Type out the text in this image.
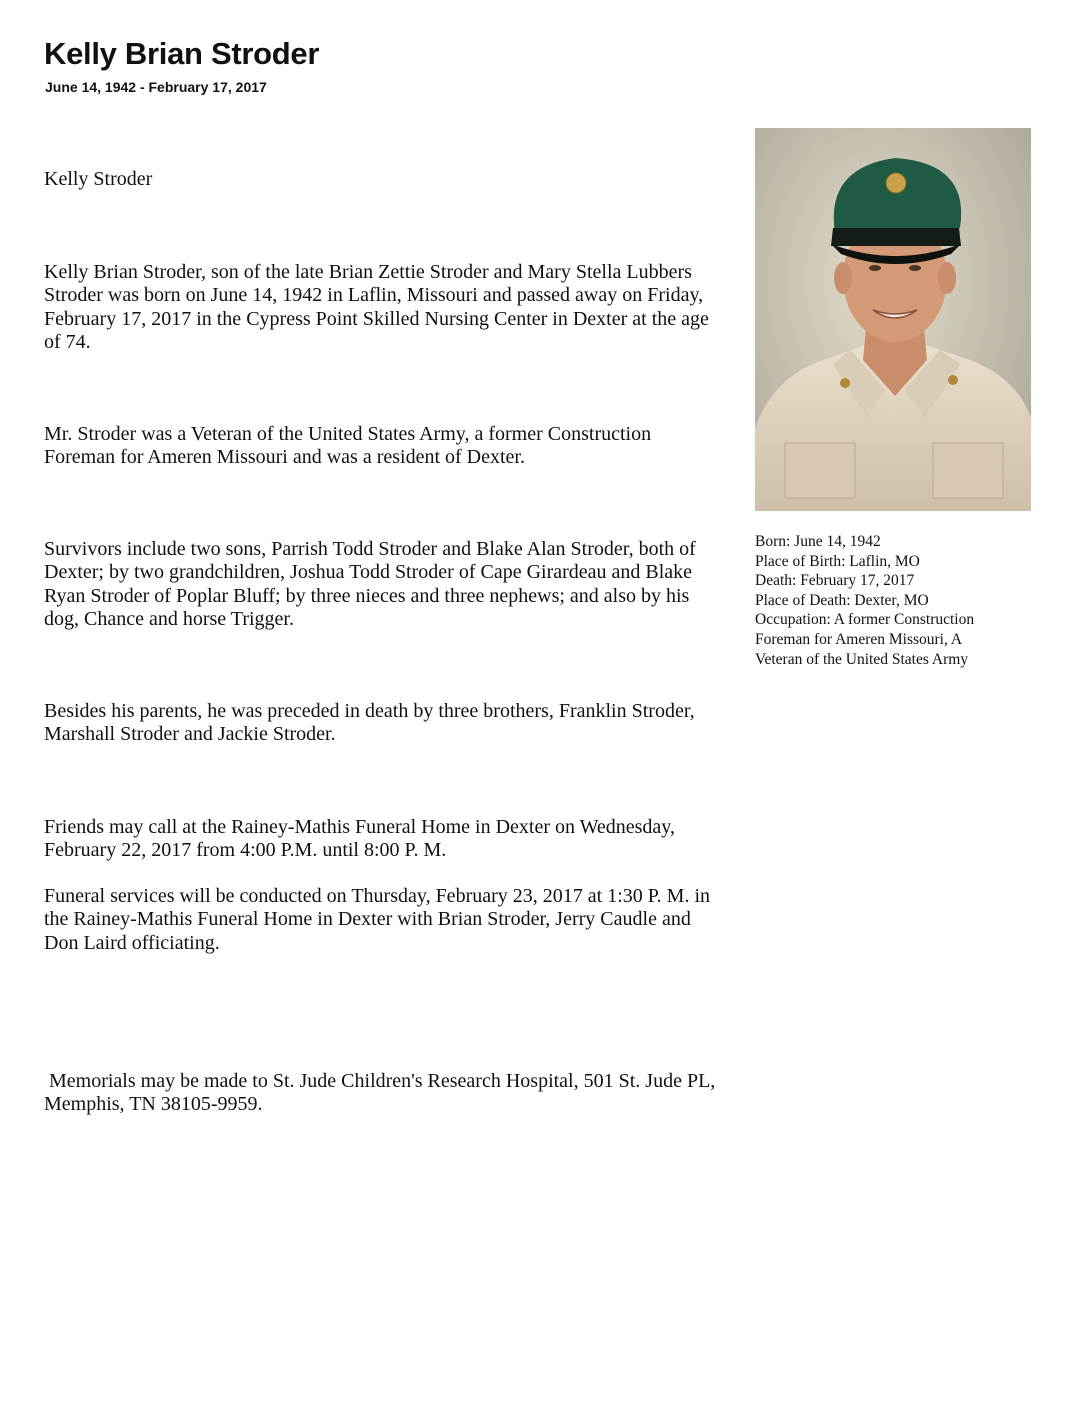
Kelly Brian Stroder
June 14, 1942 - February 17, 2017

Kelly Stroder

Kelly Brian Stroder, son of the late Brian Zettie Stroder and Mary Stella Lubbers Stroder was born on June 14, 1942 in Laflin, Missouri and passed away on Friday, February 17, 2017 in the Cypress Point Skilled Nursing Center in Dexter at the age of 74.

Mr. Stroder was a Veteran of the United States Army, a former Construction Foreman for Ameren Missouri and was a resident of Dexter.

Survivors include two sons, Parrish Todd Stroder and Blake Alan Stroder, both of Dexter; by two grandchildren, Joshua Todd Stroder of Cape Girardeau and Blake Ryan Stroder of Poplar Bluff; by three nieces and three nephews; and also by his dog, Chance and horse Trigger.

Besides his parents, he was preceded in death by three brothers, Franklin Stroder, Marshall Stroder and Jackie Stroder.

Friends may call at the Rainey-Mathis Funeral Home in Dexter on Wednesday, February 22, 2017 from 4:00 P.M. until 8:00 P. M.

Funeral services will be conducted on Thursday, February 23, 2017 at 1:30 P. M. in the Rainey-Mathis Funeral Home in Dexter with Brian Stroder, Jerry Caudle and Don Laird officiating.

Memorials may be made to St. Jude Children's Research Hospital, 501 St. Jude PL, Memphis, TN 38105-9959.

Born: June 14, 1942
Place of Birth: Laflin, MO
Death: February 17, 2017
Place of Death: Dexter, MO
Occupation: A former Construction
Foreman for Ameren Missouri, A
Veteran of the United States Army
